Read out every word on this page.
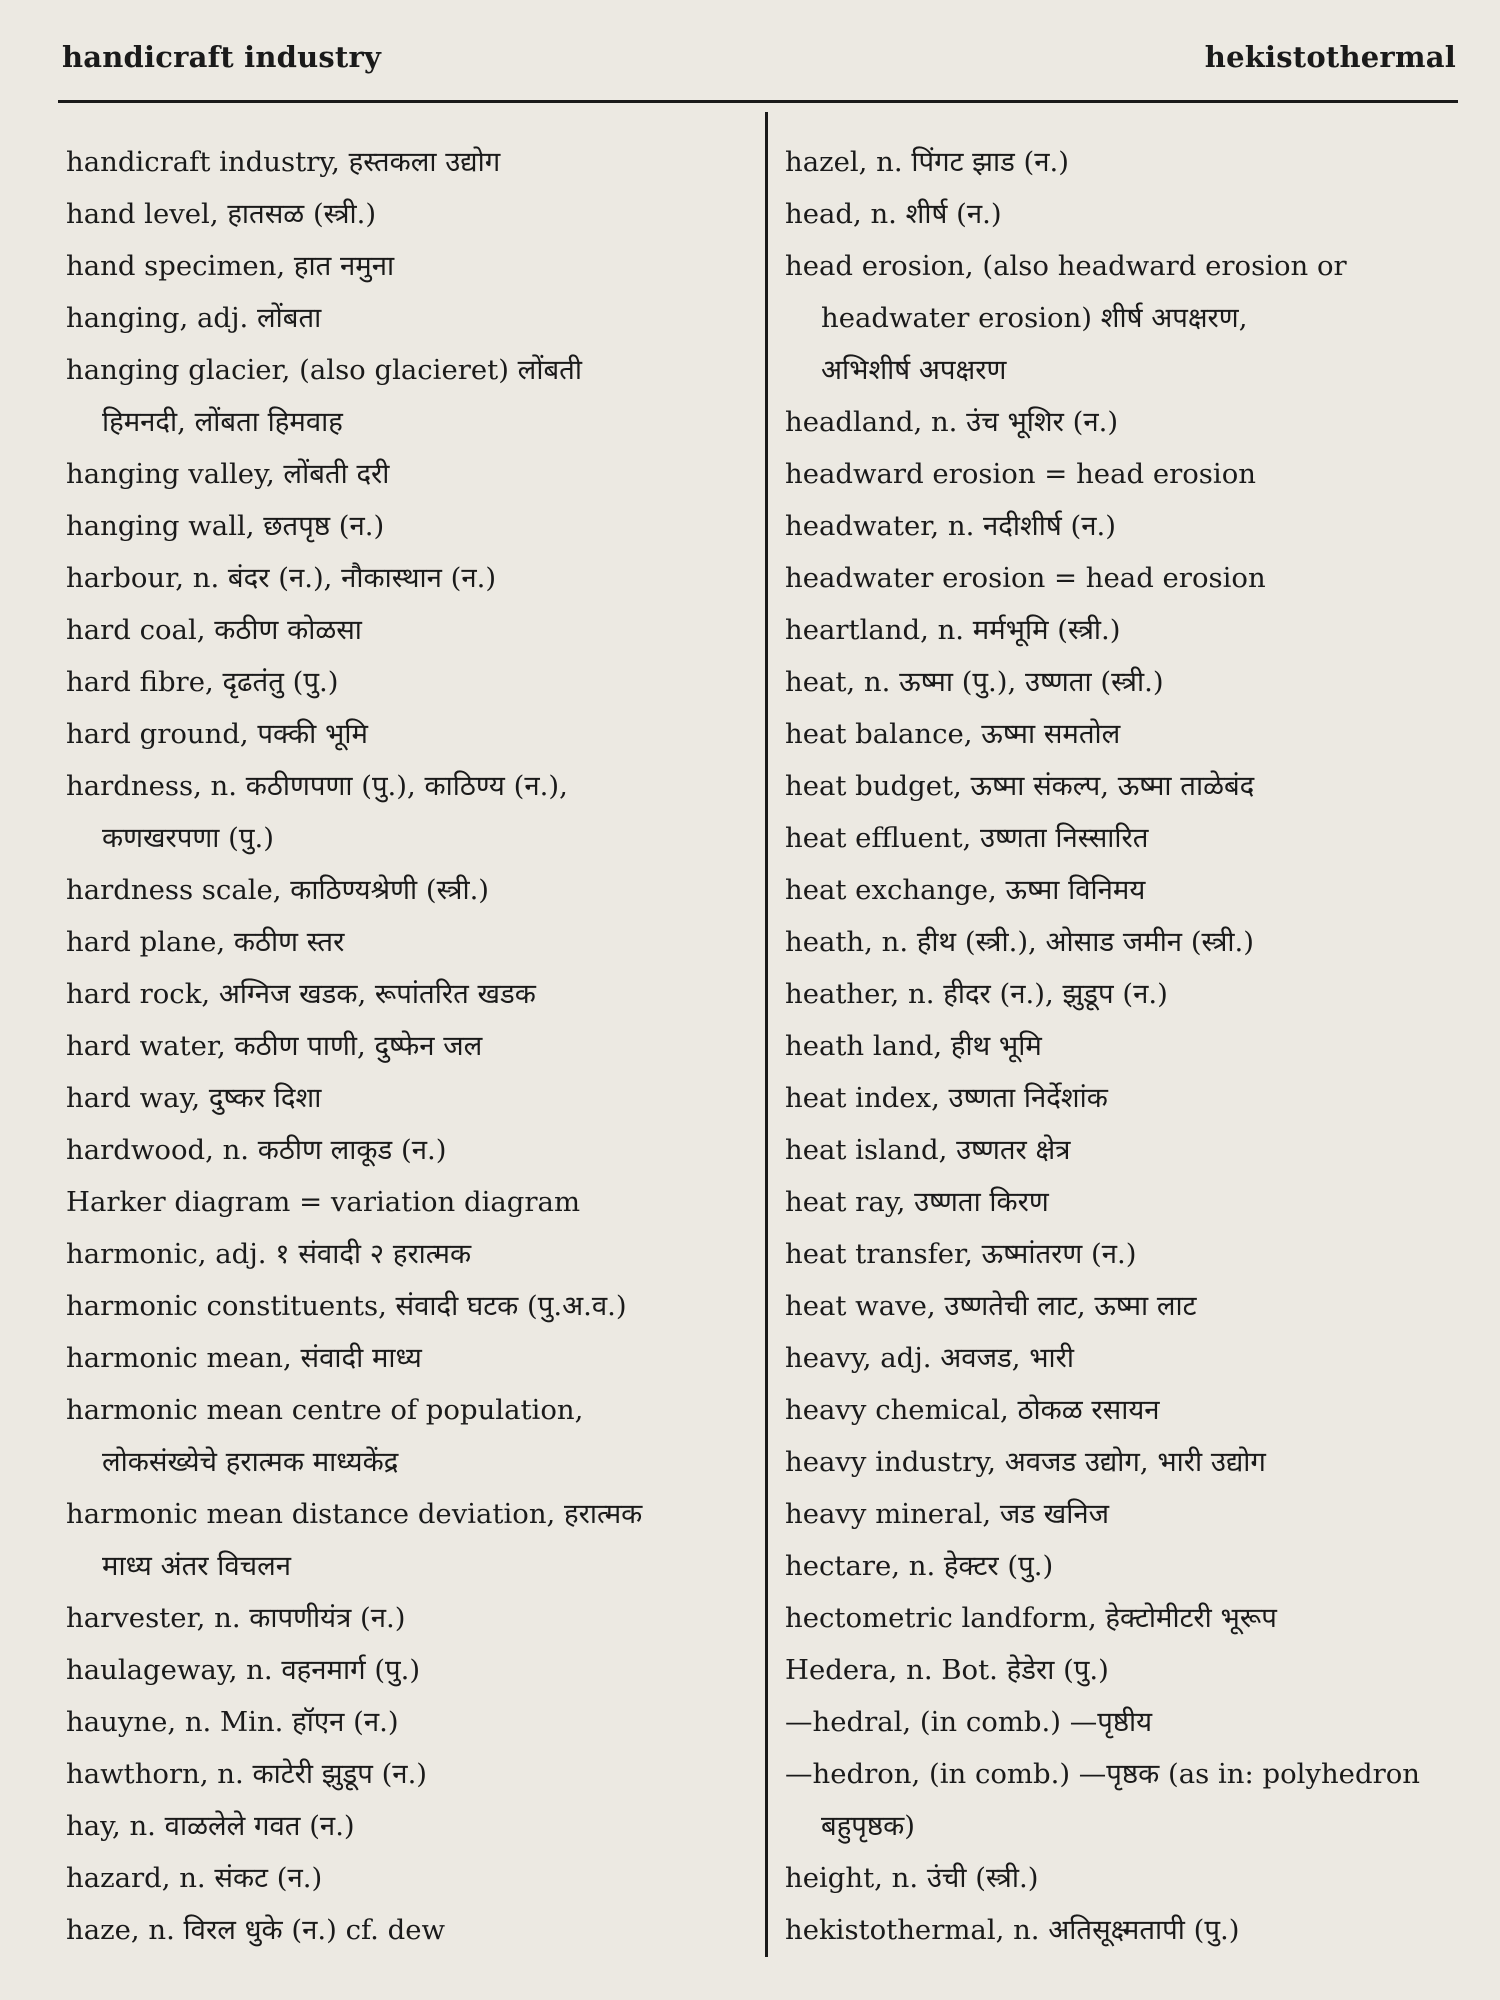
handicraft industry	hekistothermal
handicraft industry, हस्तकला उद्योग
hand level, हातसळ (स्त्री.)
hand specimen, हात नमुना
hanging, adj. लोंबता
hanging glacier, (also glacieret) लोंबती
हिमनदी, लोंबता हिमवाह
hanging valley, लोंबती दरी
hanging wall, छतपृष्ठ (न.)
harbour, n. बंदर (न.), नौकास्थान (न.)
hard coal, कठीण कोळसा
hard fibre, दृढतंतु (पु.)
hard ground, पक्की भूमि
hardness, n. कठीणपणा (पु.), काठिण्य (न.),
कणखरपणा (पु.)
hardness scale, काठिण्यश्रेणी (स्त्री.)
hard plane, कठीण स्तर
hard rock, अग्निज खडक, रूपांतरित खडक
hard water, कठीण पाणी, दुष्फेन जल
hard way, दुष्कर दिशा
hardwood, n. कठीण लाकूड (न.)
Harker diagram = variation diagram
harmonic, adj. १ संवादी २ हरात्मक
harmonic constituents, संवादी घटक (पु.अ.व.)
harmonic mean, संवादी माध्य
harmonic mean centre of population,
लोकसंख्येचे हरात्मक माध्यकेंद्र
harmonic mean distance deviation, हरात्मक
माध्य अंतर विचलन
harvester, n. कापणीयंत्र (न.)
haulageway, n. वहनमार्ग (पु.)
hauyne, n. Min. हॉएन (न.)
hawthorn, n. काटेरी झुडूप (न.)
hay, n. वाळलेले गवत (न.)
hazard, n. संकट (न.)
haze, n. विरल धुके (न.) cf. dew
hazel, n. पिंगट झाड (न.)
head, n. शीर्ष (न.)
head erosion, (also headward erosion or
headwater erosion) शीर्ष अपक्षरण,
अभिशीर्ष अपक्षरण
headland, n. उंच भूशिर (न.)
headward erosion = head erosion
headwater, n. नदीशीर्ष (न.)
headwater erosion = head erosion
heartland, n. मर्मभूमि (स्त्री.)
heat, n. ऊष्मा (पु.), उष्णता (स्त्री.)
heat balance, ऊष्मा समतोल
heat budget, ऊष्मा संकल्प, ऊष्मा ताळेबंद
heat effluent, उष्णता निस्सारित
heat exchange, ऊष्मा विनिमय
heath, n. हीथ (स्त्री.), ओसाड जमीन (स्त्री.)
heather, n. हीदर (न.), झुडूप (न.)
heath land, हीथ भूमि
heat index, उष्णता निर्देशांक
heat island, उष्णतर क्षेत्र
heat ray, उष्णता किरण
heat transfer, ऊष्मांतरण (न.)
heat wave, उष्णतेची लाट, ऊष्मा लाट
heavy, adj. अवजड, भारी
heavy chemical, ठोकळ रसायन
heavy industry, अवजड उद्योग, भारी उद्योग
heavy mineral, जड खनिज
hectare, n. हेक्टर (पु.)
hectometric landform, हेक्टोमीटरी भूरूप
Hedera, n. Bot. हेडेरा (पु.)
—hedral, (in comb.) —पृष्ठीय
—hedron, (in comb.) —पृष्ठक (as in: polyhedron
बहुपृष्ठक)
height, n. उंची (स्त्री.)
hekistothermal, n. अतिसूक्ष्मतापी (पु.)
